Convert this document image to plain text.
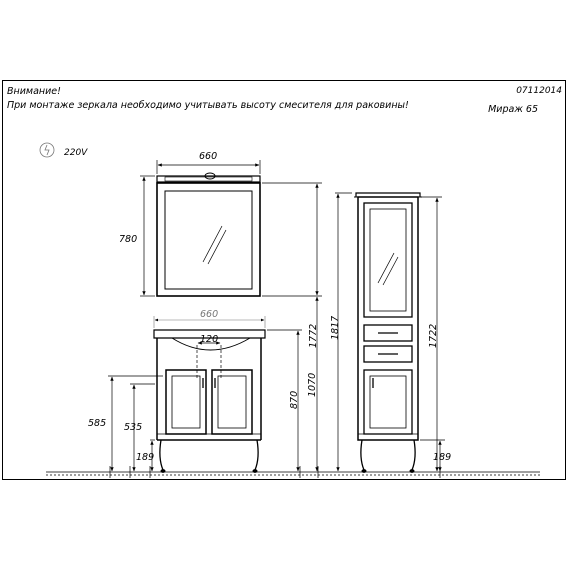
Внимание!
При монтаже зеркала необходимо учитывать высоту смесителя для раковины!
07112014
Мираж 65
220V	660
780
660
120
585 535
189
870
1070
1772 1817	1722
189
